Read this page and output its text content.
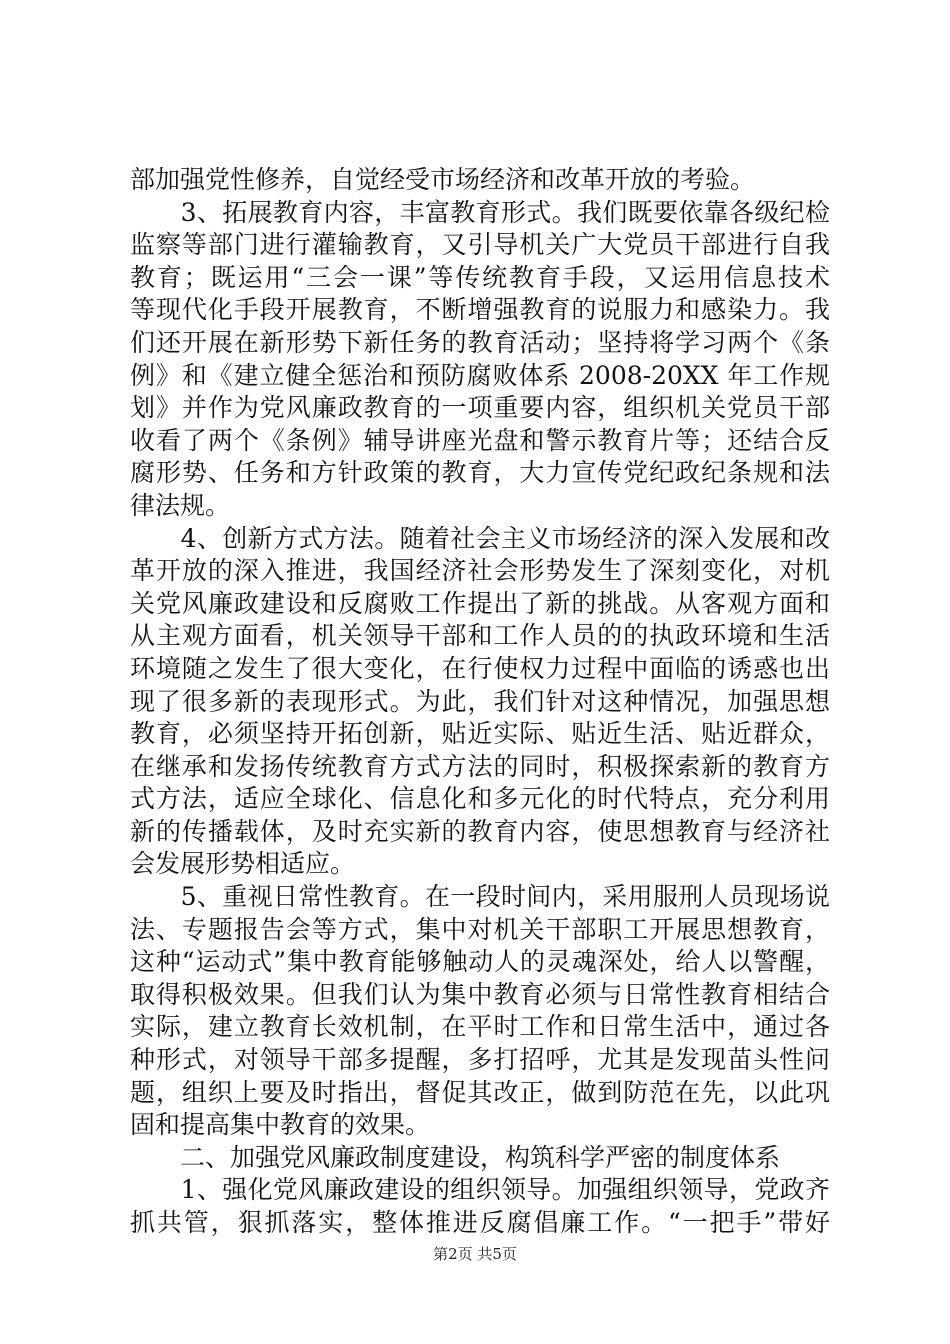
部加强党性修养，自觉经受市场经济和改革开放的考验。
　　3、拓展教育内容，丰富教育形式。我们既要依靠各级纪检
监察等部门进行灌输教育，又引导机关广大党员干部进行自我
教育；既运用“三会一课”等传统教育手段，又运用信息技术
等现代化手段开展教育，不断增强教育的说服力和感染力。我
们还开展在新形势下新任务的教育活动；坚持将学习两个《条
例》和《建立健全惩治和预防腐败体系 2008-20XX 年工作规
划》并作为党风廉政教育的一项重要内容，组织机关党员干部
收看了两个《条例》辅导讲座光盘和警示教育片等；还结合反
腐形势、任务和方针政策的教育，大力宣传党纪政纪条规和法
律法规。
　　4、创新方式方法。随着社会主义市场经济的深入发展和改
革开放的深入推进，我国经济社会形势发生了深刻变化，对机
关党风廉政建设和反腐败工作提出了新的挑战。从客观方面和
从主观方面看，机关领导干部和工作人员的的执政环境和生活
环境随之发生了很大变化，在行使权力过程中面临的诱惑也出
现了很多新的表现形式。为此，我们针对这种情况，加强思想
教育，必须坚持开拓创新，贴近实际、贴近生活、贴近群众，
在继承和发扬传统教育方式方法的同时，积极探索新的教育方
式方法，适应全球化、信息化和多元化的时代特点，充分利用
新的传播载体，及时充实新的教育内容，使思想教育与经济社
会发展形势相适应。
　　5、重视日常性教育。在一段时间内，采用服刑人员现场说
法、专题报告会等方式，集中对机关干部职工开展思想教育，
这种“运动式”集中教育能够触动人的灵魂深处，给人以警醒，
取得积极效果。但我们认为集中教育必须与日常性教育相结合
实际，建立教育长效机制，在平时工作和日常生活中，通过各
种形式，对领导干部多提醒，多打招呼，尤其是发现苗头性问
题，组织上要及时指出，督促其改正，做到防范在先，以此巩
固和提高集中教育的效果。
　　二、加强党风廉政制度建设，构筑科学严密的制度体系
　　1、强化党风廉政建设的组织领导。加强组织领导，党政齐
抓共管，狠抓落实，整体推进反腐倡廉工作。“一把手”带好
第2页 共5页
